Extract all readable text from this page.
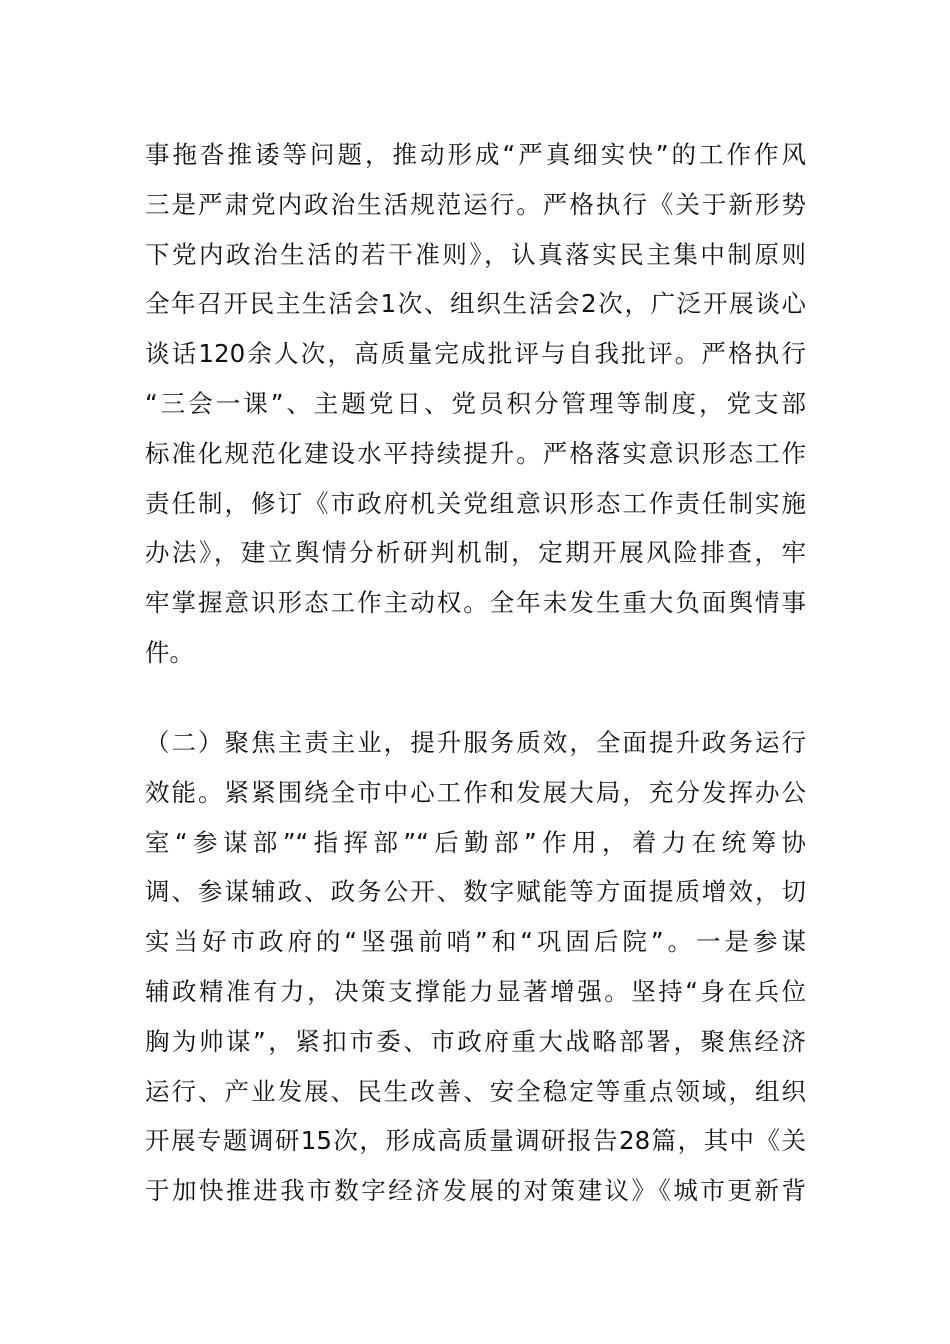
事拖沓推诿等问题，推动形成“严真细实快”的工作作风
三是严肃党内政治生活规范运行。严格执行《关于新形势
下党内政治生活的若干准则》，认真落实民主集中制原则
全年召开民主生活会1次、组织生活会2次，广泛开展谈心
谈话120余人次，高质量完成批评与自我批评。严格执行
“三会一课”、主题党日、党员积分管理等制度，党支部
标准化规范化建设水平持续提升。严格落实意识形态工作
责任制，修订《市政府机关党组意识形态工作责任制实施
办法》，建立舆情分析研判机制，定期开展风险排查，牢
牢掌握意识形态工作主动权。全年未发生重大负面舆情事
件。
（二）聚焦主责主业，提升服务质效，全面提升政务运行
效能。紧紧围绕全市中心工作和发展大局，充分发挥办公
室“参谋部”“指挥部”“后勤部”作用，着力在统筹协
调、参谋辅政、政务公开、数字赋能等方面提质增效，切
实当好市政府的“坚强前哨”和“巩固后院”。一是参谋
辅政精准有力，决策支撑能力显著增强。坚持“身在兵位
胸为帅谋”，紧扣市委、市政府重大战略部署，聚焦经济
运行、产业发展、民生改善、安全稳定等重点领域，组织
开展专题调研15次，形成高质量调研报告28篇，其中《关
于加快推进我市数字经济发展的对策建议》《城市更新背
